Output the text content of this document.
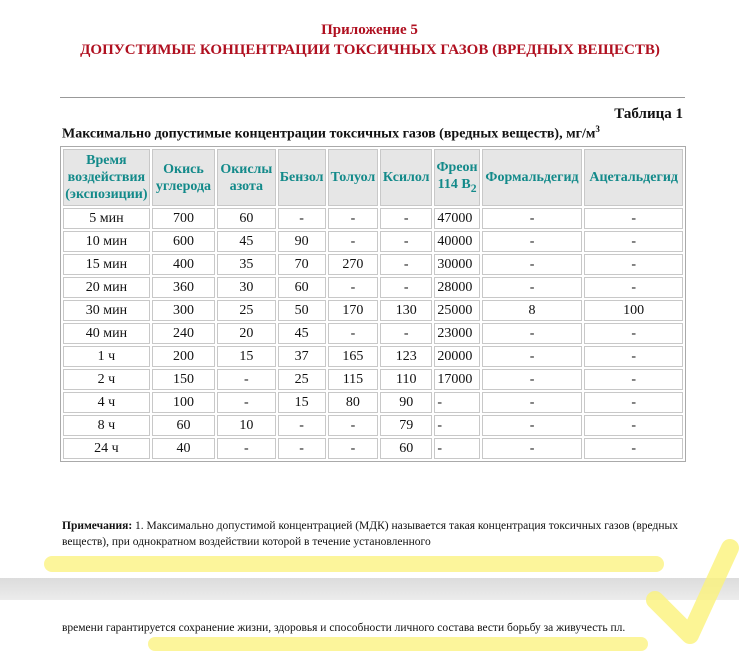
Приложение 5
ДОПУСТИМЫЕ КОНЦЕНТРАЦИИ ТОКСИЧНЫХ ГАЗОВ (ВРЕДНЫХ ВЕЩЕСТВ)
Таблица 1
Максимально допустимые концентрации токсичных газов (вредных веществ), $мг/м^3$
Время воздействия (экспозиции)	Окись углерода	Окислы азота	Бензол	Толуол	Ксилол	Фреон 114 $B_2$	Формальдегид	Ацетальдегид
5 мин	700	60	-	-	-	47000	-	-
10 мин	600	45	90	-	-	40000	-	-
15 мин	400	35	70	270	-	30000	-	-
20 мин	360	30	60	-	-	28000	-	-
30 мин	300	25	50	170	130	25000	8	100
40 мин	240	20	45	-	-	23000	-	-
1 ч	200	15	37	165	123	20000	-	-
2 ч	150	-	25	115	110	17000	-	-
4 ч	100	-	15	80	90	-	-	-
8 ч	60	10	-	-	79	-	-	-
24 ч	40	-	-	-	60	-	-	-
Примечания: 1. Максимально допустимой концентрацией (МДК) называется такая концентрация токсичных газов (вредных веществ), при однократном воздействии которой в течение установленного
времени гарантируется сохранение жизни, здоровья и способности личного состава вести борьбу за живучесть пл.
